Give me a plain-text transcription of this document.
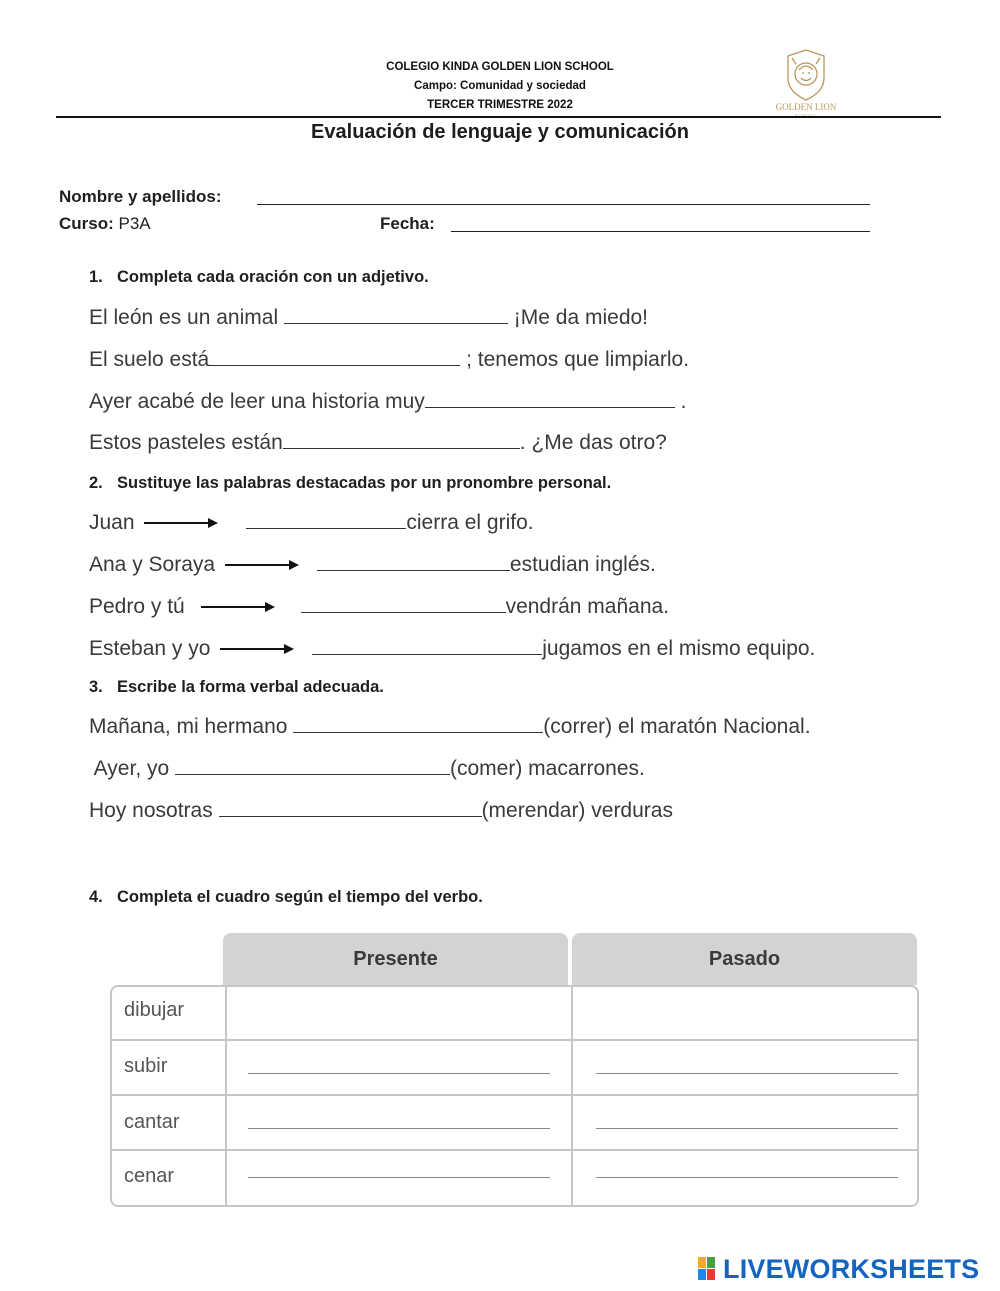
COLEGIO KINDA GOLDEN LION SCHOOL
Campo: Comunidad y sociedad
TERCER TRIMESTRE 2022	GOLDEN LION
Evaluación de lenguaje y comunicación
Nombre y apellidos:
Curso: P3A	Fecha:
1. Completa cada oración con un adjetivo.
El león es un animal	¡Me da miedo!
El suelo está	; tenemos que limpiarlo.
Ayer acabé de leer una historia muy	.
Estos pasteles están	. ¿Me das otro?
2. Sustituye las palabras destacadas por un pronombre personal.
Juan	cierra el grifo.
Ana y Soraya	estudian inglés.
Pedro y tú	vendrán mañana.
Esteban y yo	jugamos en el mismo equipo.
3. Escribe la forma verbal adecuada.
Mañana, mi hermano	(correr) el maratón Nacional.
Ayer, yo	(comer) macarrones.
Hoy nosotras	(merendar) verduras
4. Completa el cuadro según el tiempo del verbo.
Presente	Pasado
dibujar
subir
cantar
cenar
LIVEWORKSHEETS
